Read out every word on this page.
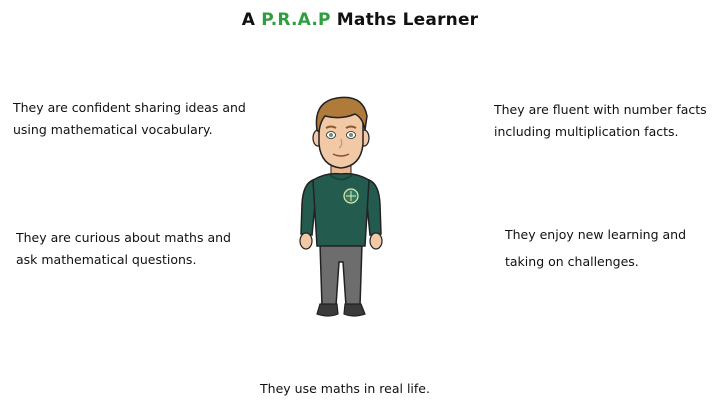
A P.R.A.P Maths Learner

They are confident sharing ideas and
using mathematical vocabulary.

They are fluent with number facts
including multiplication facts.

They are curious about maths and
ask mathematical questions.

They enjoy new learning and
taking on challenges.

They use maths in real life.
